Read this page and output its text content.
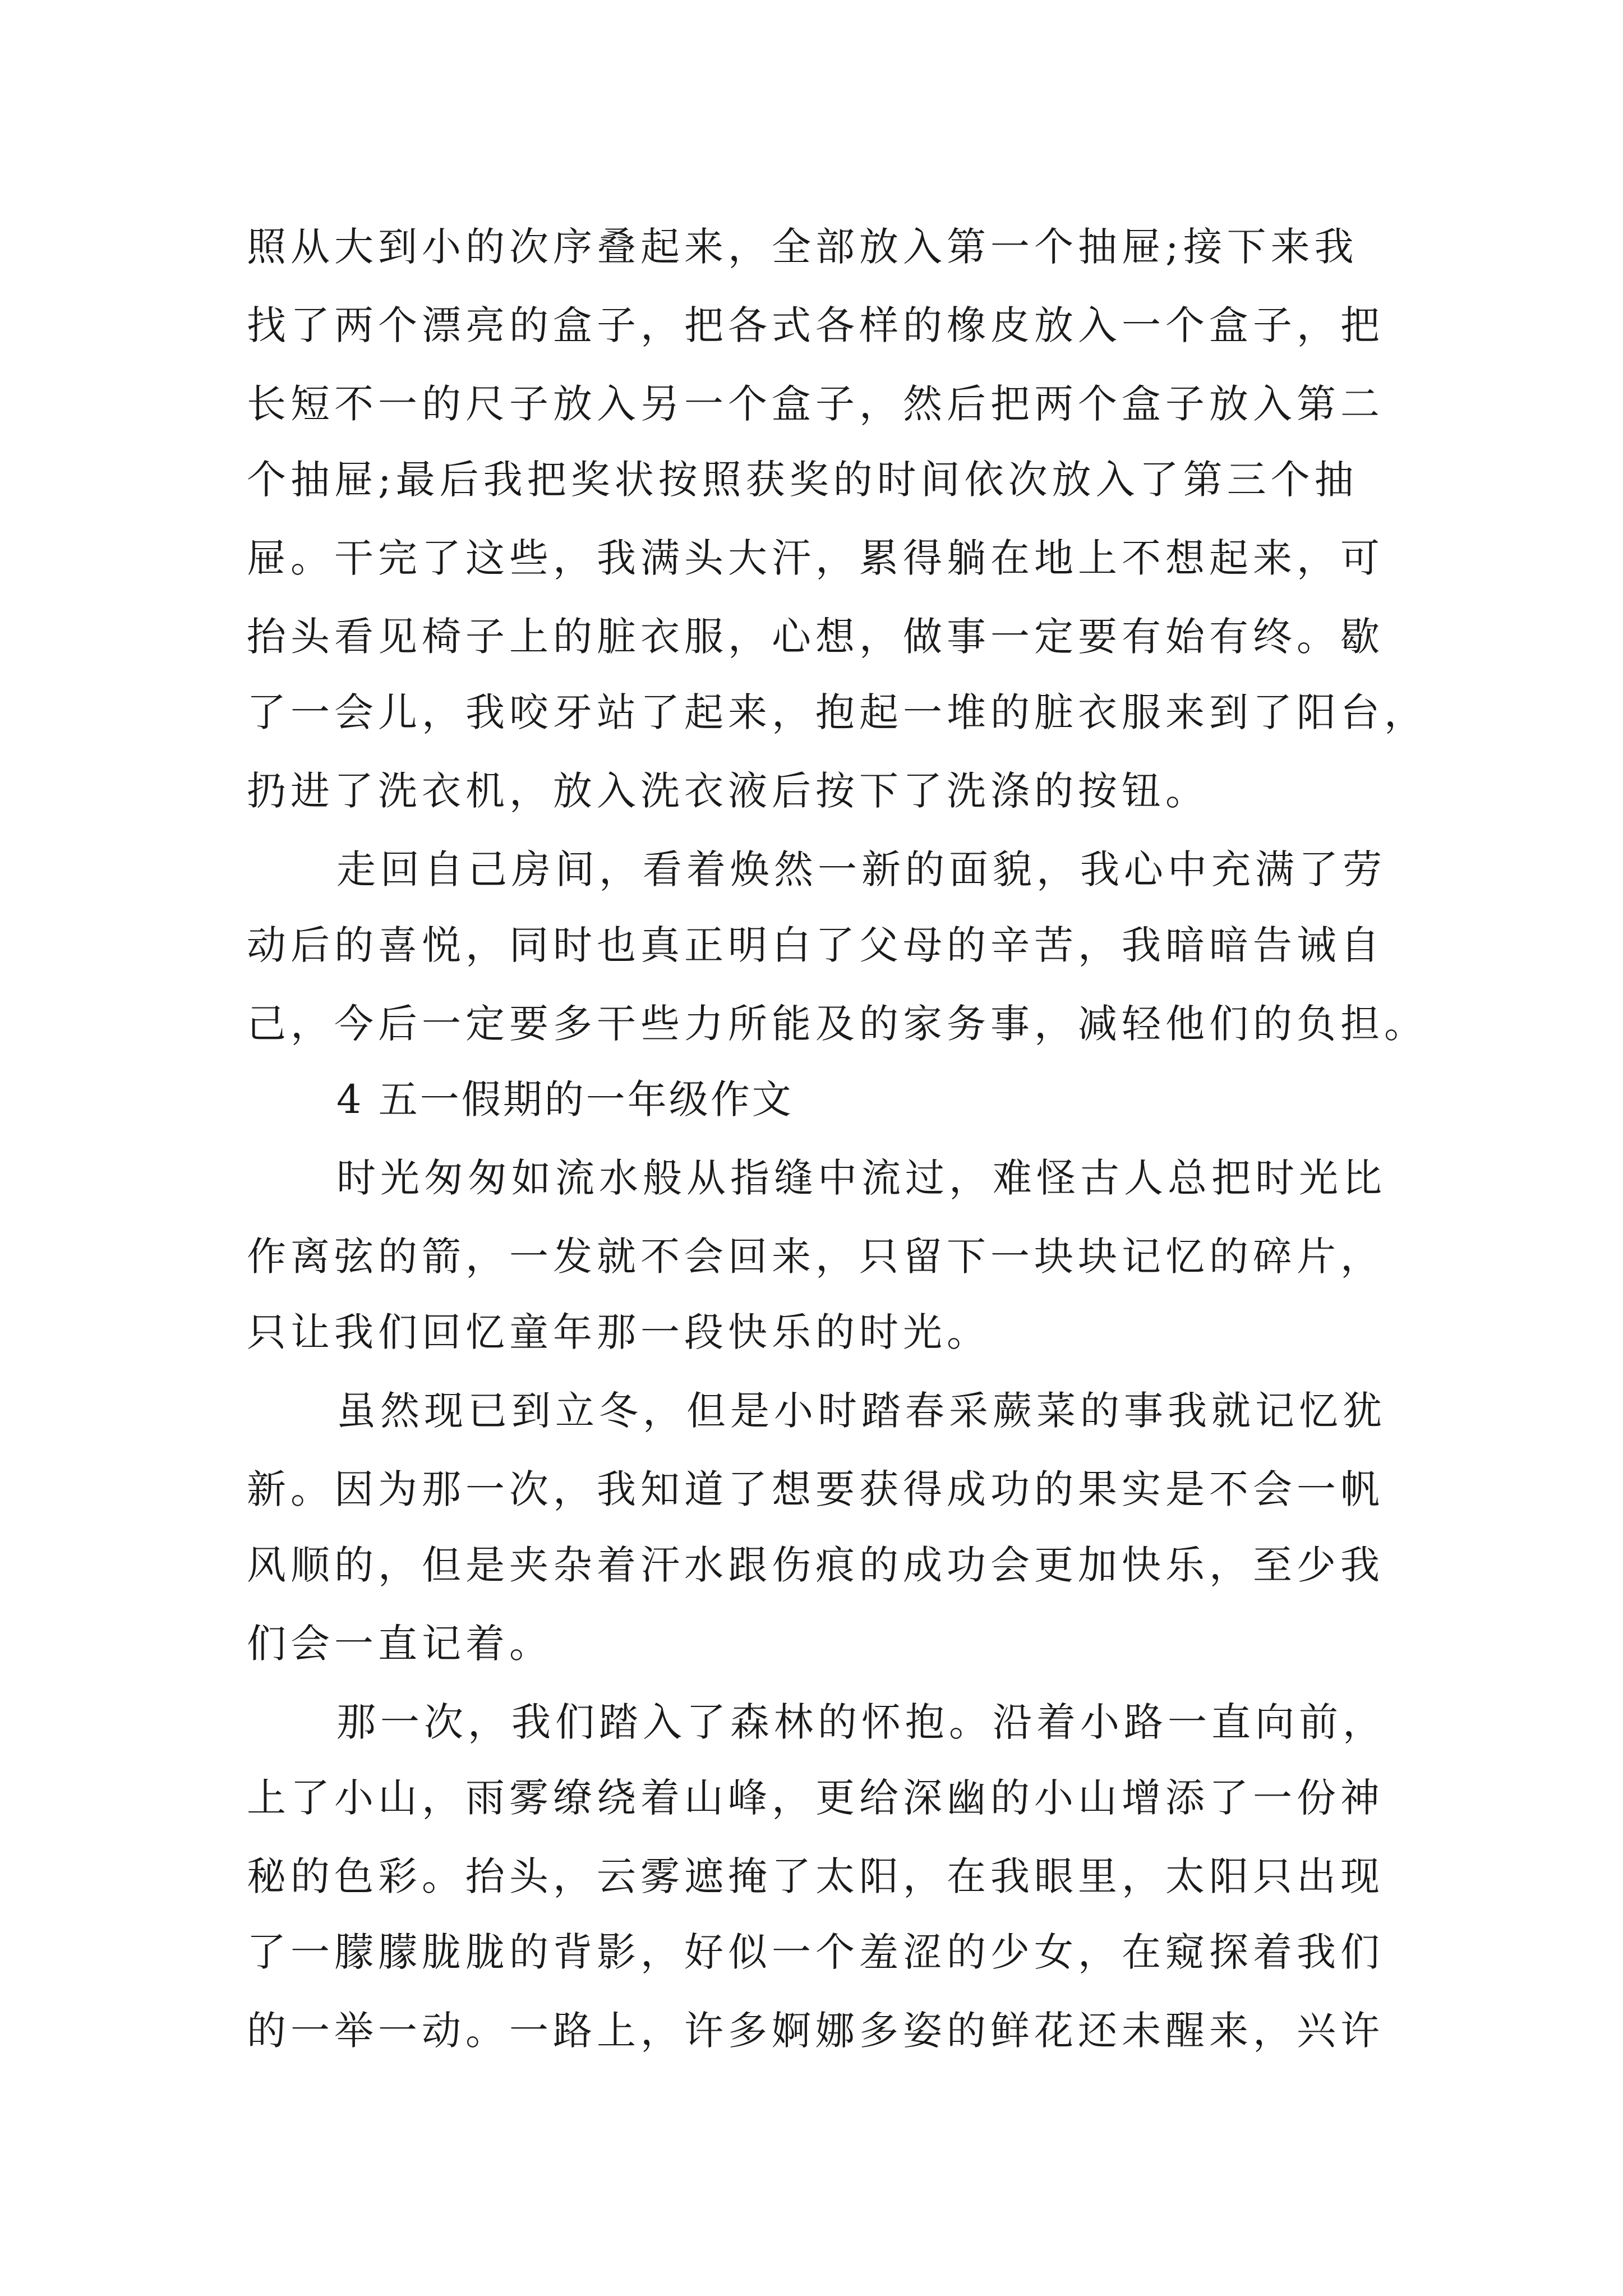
照从大到小的次序叠起来，全部放入第一个抽屉;接下来我
找了两个漂亮的盒子，把各式各样的橡皮放入一个盒子，把
长短不一的尺子放入另一个盒子，然后把两个盒子放入第二
个抽屉;最后我把奖状按照获奖的时间依次放入了第三个抽
屉。干完了这些，我满头大汗，累得躺在地上不想起来，可
抬头看见椅子上的脏衣服，心想，做事一定要有始有终。歇
了一会儿，我咬牙站了起来，抱起一堆的脏衣服来到了阳台，
扔进了洗衣机，放入洗衣液后按下了洗涤的按钮。
走回自己房间，看着焕然一新的面貌，我心中充满了劳
动后的喜悦，同时也真正明白了父母的辛苦，我暗暗告诫自
己，今后一定要多干些力所能及的家务事，减轻他们的负担。
4 五一假期的一年级作文
时光匆匆如流水般从指缝中流过，难怪古人总把时光比
作离弦的箭，一发就不会回来，只留下一块块记忆的碎片，
只让我们回忆童年那一段快乐的时光。
虽然现已到立冬，但是小时踏春采蕨菜的事我就记忆犹
新。因为那一次，我知道了想要获得成功的果实是不会一帆
风顺的，但是夹杂着汗水跟伤痕的成功会更加快乐，至少我
们会一直记着。
那一次，我们踏入了森林的怀抱。沿着小路一直向前，
上了小山，雨雾缭绕着山峰，更给深幽的小山增添了一份神
秘的色彩。抬头，云雾遮掩了太阳，在我眼里，太阳只出现
了一朦朦胧胧的背影，好似一个羞涩的少女，在窥探着我们
的一举一动。一路上，许多婀娜多姿的鲜花还未醒来，兴许
